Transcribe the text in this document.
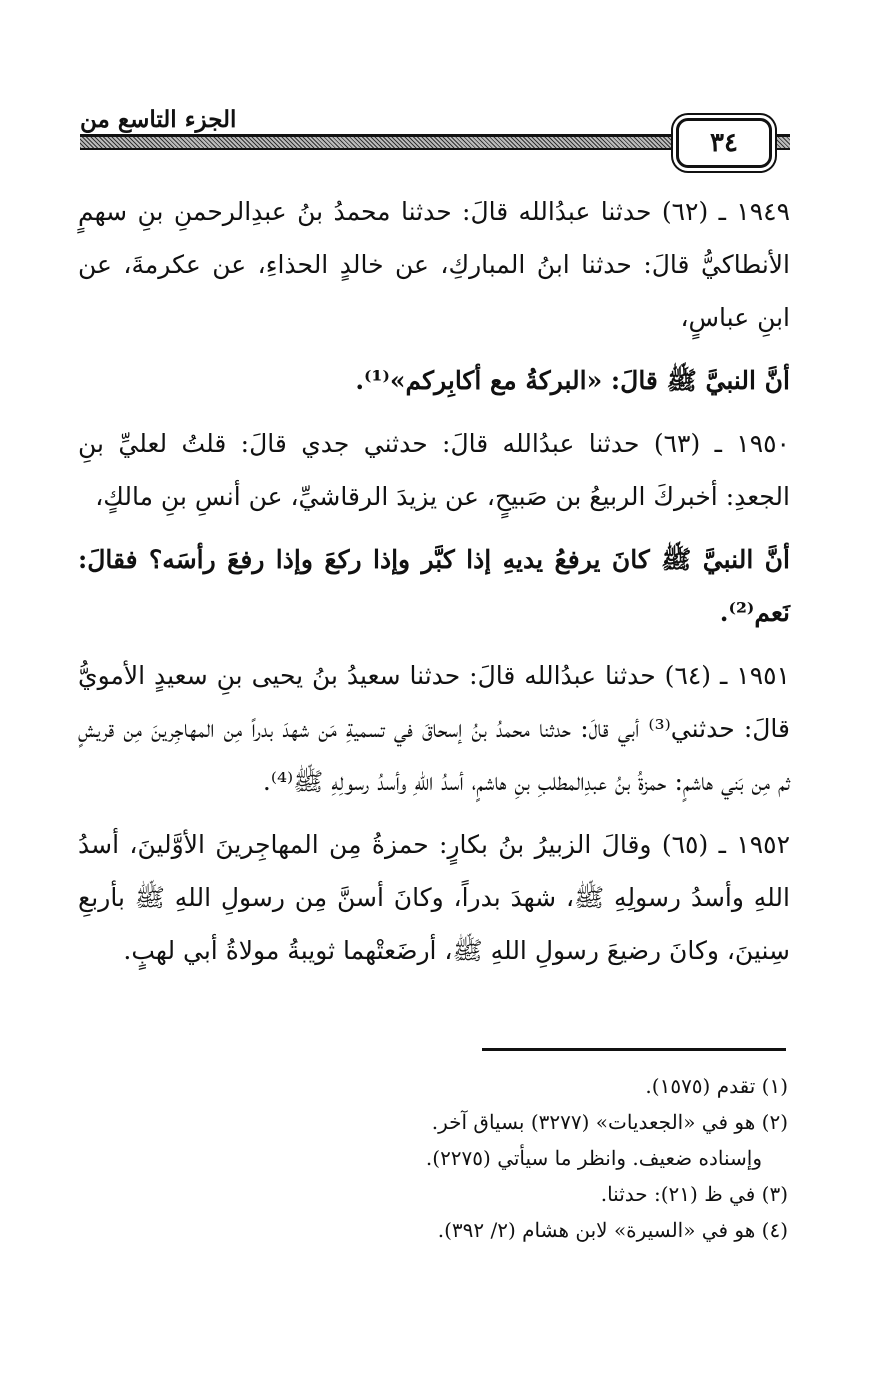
الجزء التاسع من
٣٤

١٩٤٩ ـ (٦٢) حدثنا عبدُالله قالَ: حدثنا محمدُ بنُ عبدِالرحمنِ بنِ سهمٍ الأنطاكيُّ قالَ: حدثنا ابنُ المباركِ، عن خالدٍ الحذاءِ، عن عكرمةَ، عن ابنِ عباسٍ،

أنَّ النبيَّ ﷺ قالَ: «البركةُ مع أكابِركم»⁽¹⁾.

١٩٥٠ ـ (٦٣) حدثنا عبدُالله قالَ: حدثني جدي قالَ: قلتُ لعليِّ بنِ الجعدِ: أخبركَ الربيعُ بن صَبيحٍ، عن يزيدَ الرقاشيِّ، عن أنسِ بنِ مالكٍ،

أنَّ النبيَّ ﷺ كانَ يرفعُ يديهِ إذا كبَّر وإذا ركعَ وإذا رفعَ رأسَه؟ فقالَ: نَعم⁽²⁾.

١٩٥١ ـ (٦٤) حدثنا عبدُالله قالَ: حدثنا سعيدُ بنُ يحيى بنِ سعيدٍ الأمويُّ قالَ: حدثني⁽³⁾ أبي قالَ: حدثنا محمدُ بنُ إسحاقَ في تسميةِ مَن شهدَ بدراً مِن المهاجِرينَ مِن قريشٍ ثم مِن بَني هاشمٍ: حمزةُ بنُ عبدِالمطلبِ بنِ هاشمٍ، أسدُ اللهِ وأسدُ رسولِهِ ﷺ⁽⁴⁾.

١٩٥٢ ـ (٦٥) وقالَ الزبيرُ بنُ بكارٍ: حمزةُ مِن المهاجِرينَ الأوَّلينَ، أسدُ اللهِ وأسدُ رسولِهِ ﷺ، شهدَ بدراً، وكانَ أسنَّ مِن رسولِ اللهِ ﷺ بأربعِ سِنينَ، وكانَ رضيعَ رسولِ اللهِ ﷺ، أرضَعتْهما ثويبةُ مولاةُ أبي لهبٍ.

(١) تقدم (١٥٧٥).

(٢) هو في «الجعديات» (٣٢٧٧) بسياق آخر.

وإسناده ضعيف. وانظر ما سيأتي (٢٢٧٥).

(٣) في ظ (٢١): حدثنا.

(٤) هو في «السيرة» لابن هشام (٢/ ٣٩٢).
